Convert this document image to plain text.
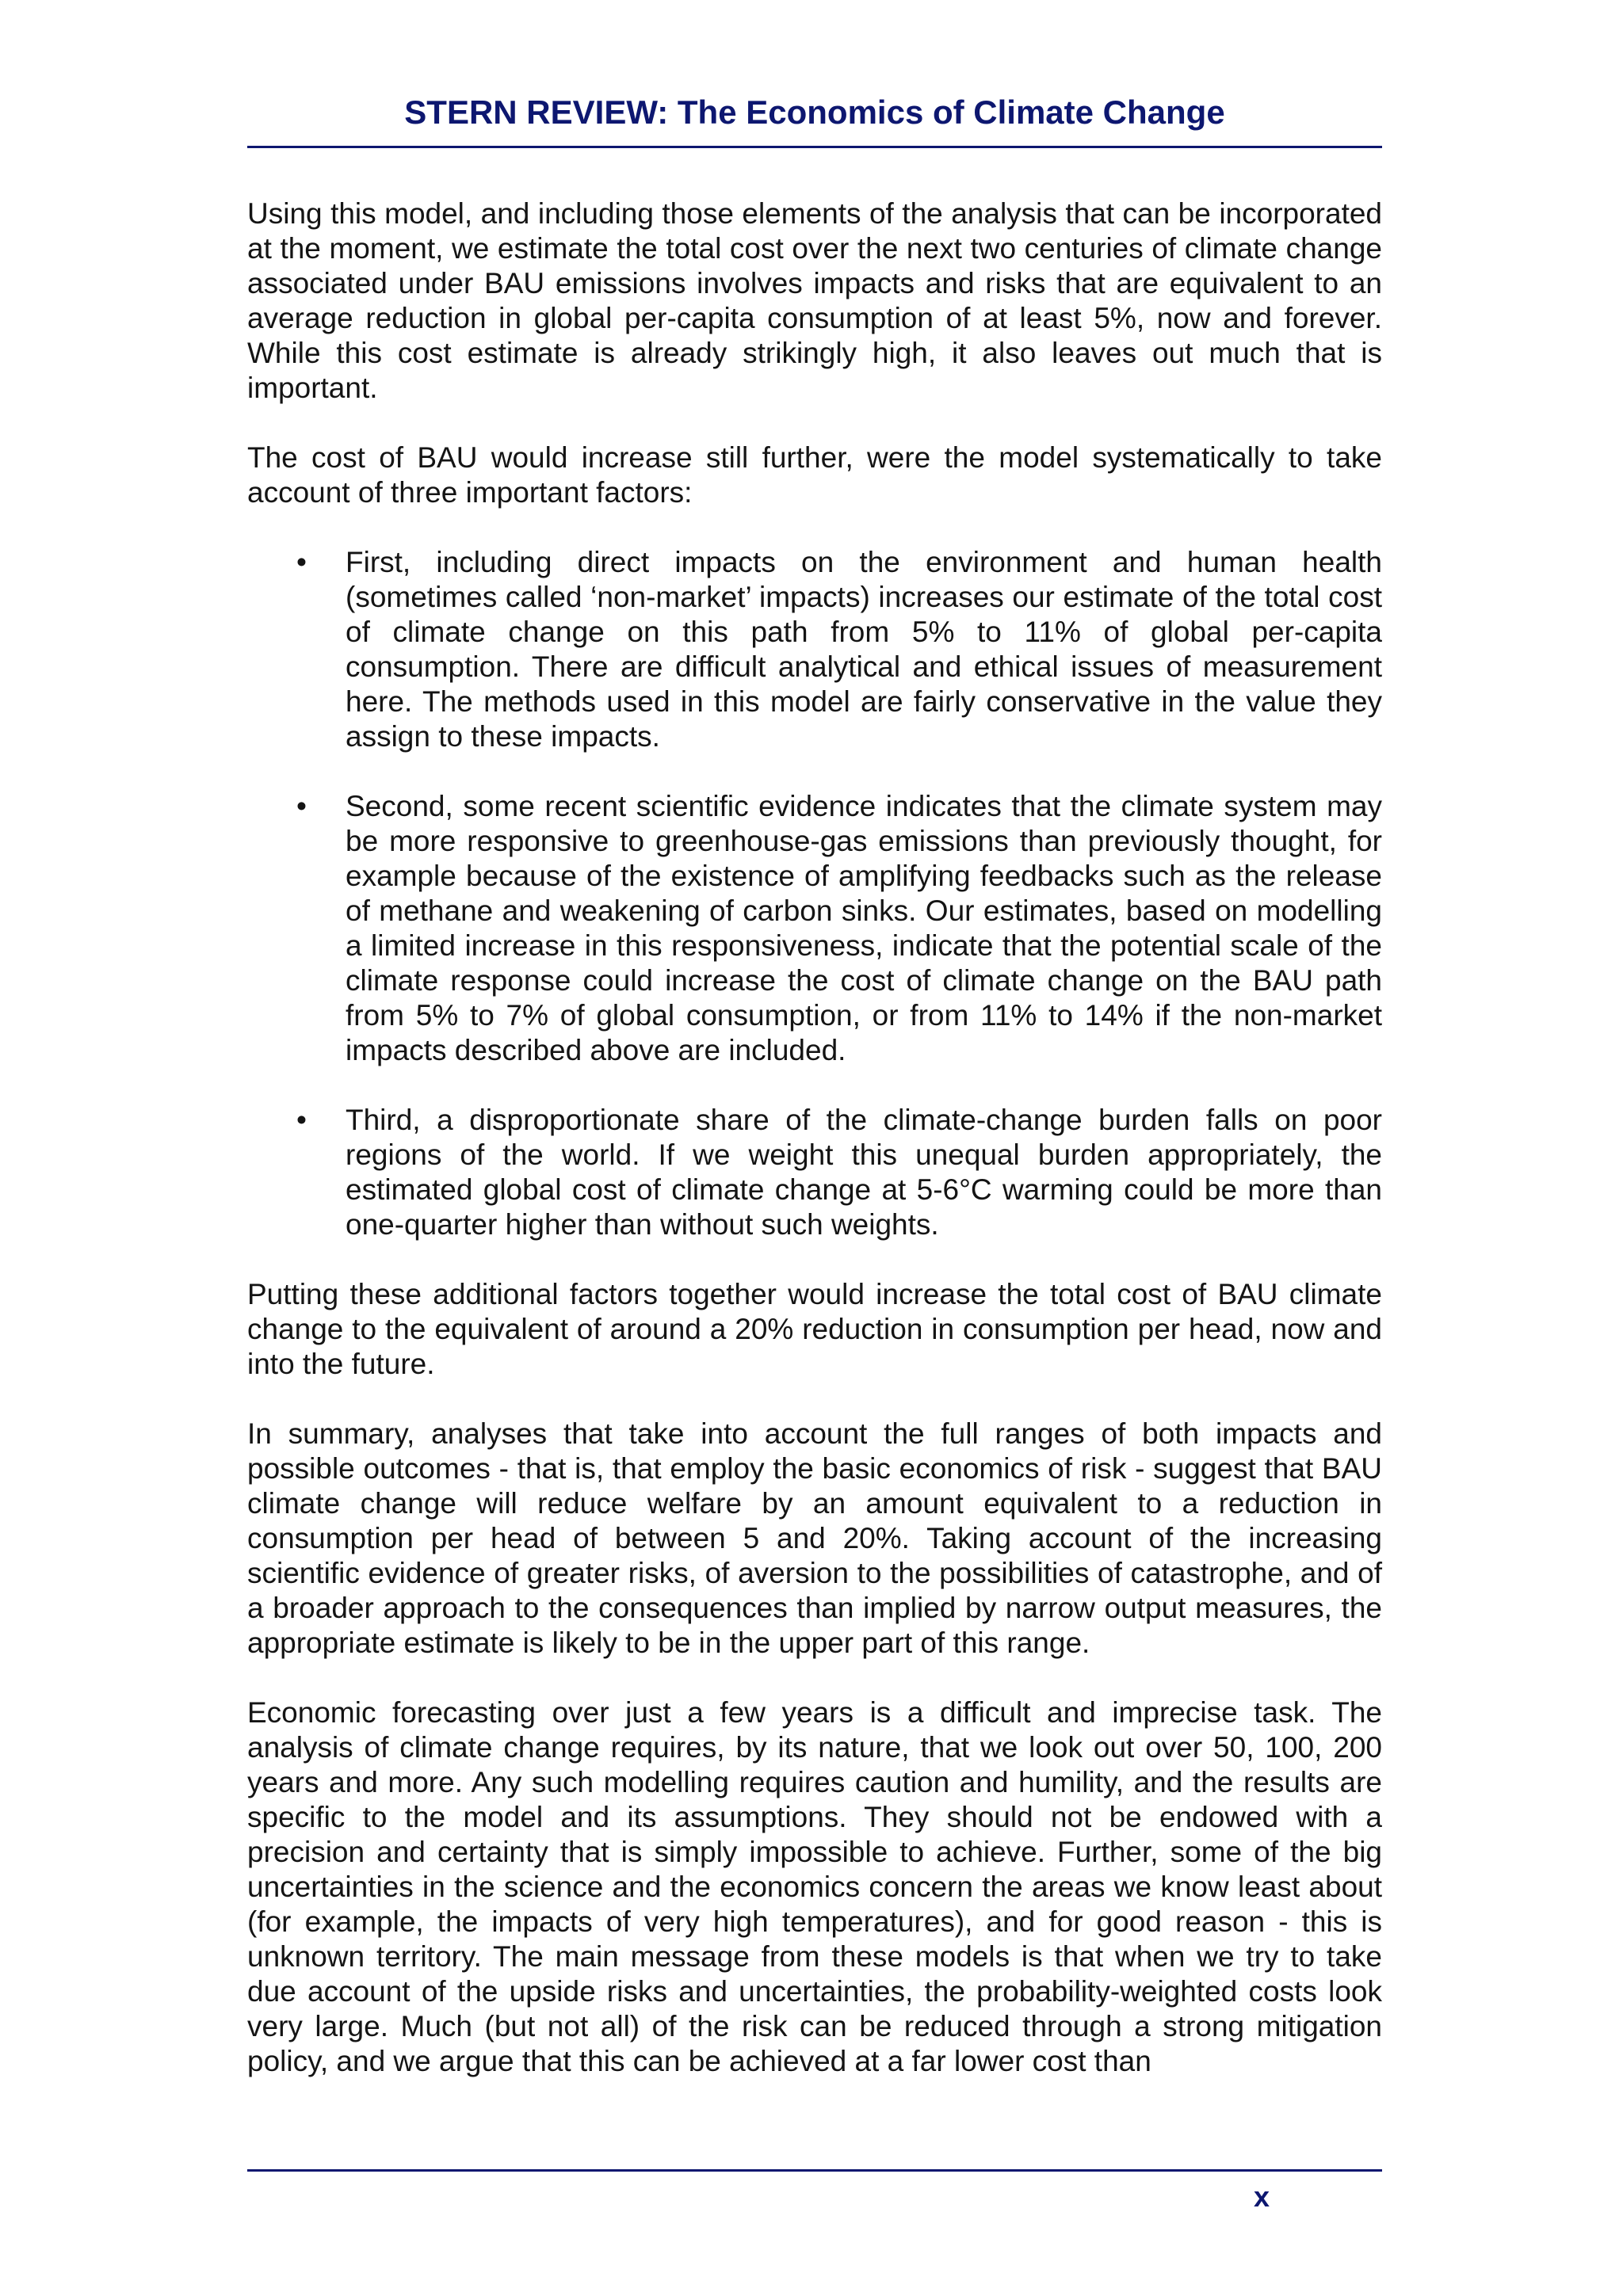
STERN REVIEW: The Economics of Climate Change

Using this model, and including those elements of the analysis that can be incorporated at the moment, we estimate the total cost over the next two centuries of climate change associated under BAU emissions involves impacts and risks that are equivalent to an average reduction in global per-capita consumption of at least 5%, now and forever. While this cost estimate is already strikingly high, it also leaves out much that is important.

The cost of BAU would increase still further, were the model systematically to take account of three important factors:

• First, including direct impacts on the environment and human health (sometimes called ‘non-market’ impacts) increases our estimate of the total cost of climate change on this path from 5% to 11% of global per-capita consumption. There are difficult analytical and ethical issues of measurement here. The methods used in this model are fairly conservative in the value they assign to these impacts.
• Second, some recent scientific evidence indicates that the climate system may be more responsive to greenhouse-gas emissions than previously thought, for example because of the existence of amplifying feedbacks such as the release of methane and weakening of carbon sinks. Our estimates, based on modelling a limited increase in this responsiveness, indicate that the potential scale of the climate response could increase the cost of climate change on the BAU path from 5% to 7% of global consumption, or from 11% to 14% if the non-market impacts described above are included.
• Third, a disproportionate share of the climate-change burden falls on poor regions of the world. If we weight this unequal burden appropriately, the estimated global cost of climate change at 5-6°C warming could be more than one-quarter higher than without such weights.

Putting these additional factors together would increase the total cost of BAU climate change to the equivalent of around a 20% reduction in consumption per head, now and into the future.

In summary, analyses that take into account the full ranges of both impacts and possible outcomes - that is, that employ the basic economics of risk - suggest that BAU climate change will reduce welfare by an amount equivalent to a reduction in consumption per head of between 5 and 20%. Taking account of the increasing scientific evidence of greater risks, of aversion to the possibilities of catastrophe, and of a broader approach to the consequences than implied by narrow output measures, the appropriate estimate is likely to be in the upper part of this range.

Economic forecasting over just a few years is a difficult and imprecise task. The analysis of climate change requires, by its nature, that we look out over 50, 100, 200 years and more. Any such modelling requires caution and humility, and the results are specific to the model and its assumptions. They should not be endowed with a precision and certainty that is simply impossible to achieve. Further, some of the big uncertainties in the science and the economics concern the areas we know least about (for example, the impacts of very high temperatures), and for good reason - this is unknown territory. The main message from these models is that when we try to take due account of the upside risks and uncertainties, the probability-weighted costs look very large. Much (but not all) of the risk can be reduced through a strong mitigation policy, and we argue that this can be achieved at a far lower cost than

x
